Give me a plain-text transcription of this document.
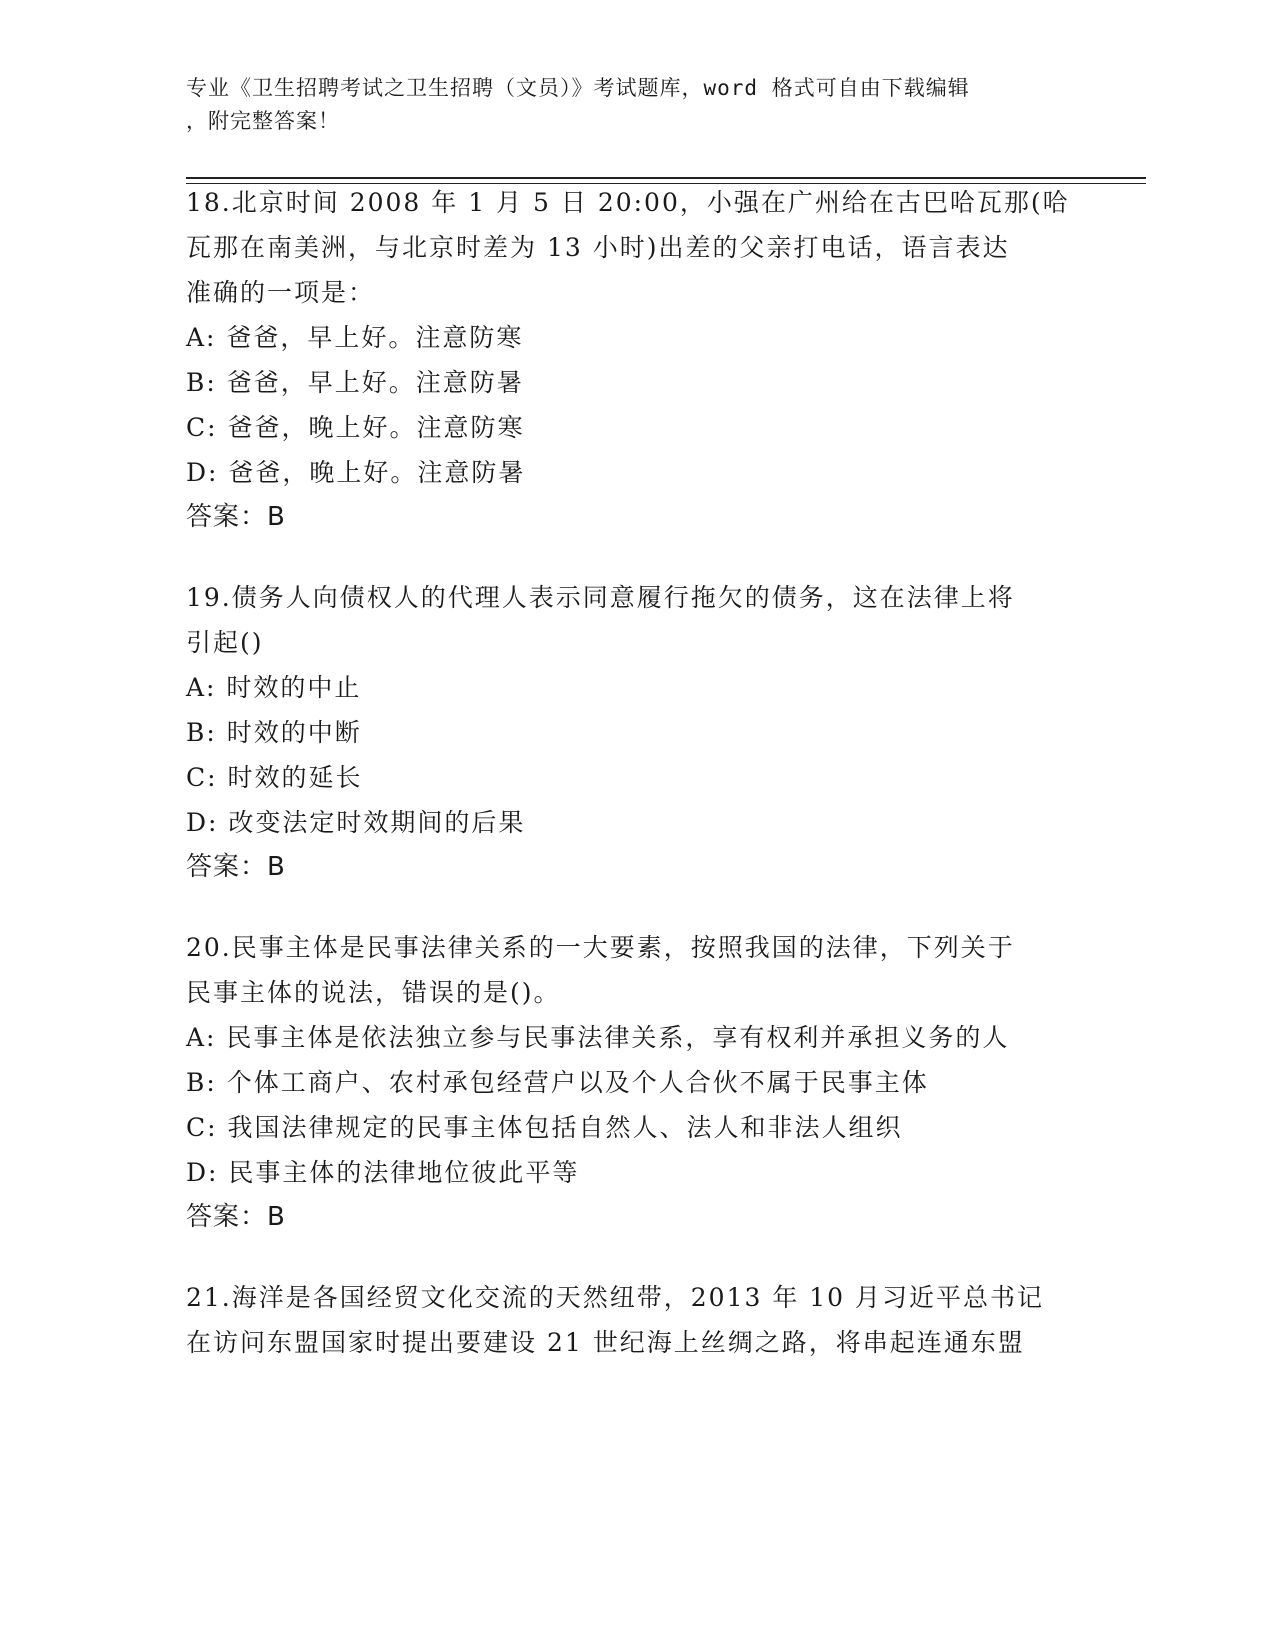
专业《卫生招聘考试之卫生招聘（文员）》考试题库，word 格式可自由下载编辑
，附完整答案！

18.北京时间 2008 年 1 月 5 日 20:00，小强在广州给在古巴哈瓦那(哈

瓦那在南美洲，与北京时差为 13 小时)出差的父亲打电话，语言表达

准确的一项是：

A: 爸爸，早上好。注意防寒

B: 爸爸，早上好。注意防暑

C: 爸爸，晚上好。注意防寒

D: 爸爸，晚上好。注意防暑

答案：B

19.债务人向债权人的代理人表示同意履行拖欠的债务，这在法律上将

引起()

A: 时效的中止

B: 时效的中断

C: 时效的延长

D: 改变法定时效期间的后果

答案：B

20.民事主体是民事法律关系的一大要素，按照我国的法律，下列关于

民事主体的说法，错误的是()。

A: 民事主体是依法独立参与民事法律关系，享有权利并承担义务的人

B: 个体工商户、农村承包经营户以及个人合伙不属于民事主体

C: 我国法律规定的民事主体包括自然人、法人和非法人组织

D: 民事主体的法律地位彼此平等

答案：B

21.海洋是各国经贸文化交流的天然纽带，2013 年 10 月习近平总书记

在访问东盟国家时提出要建设 21 世纪海上丝绸之路，将串起连通东盟
